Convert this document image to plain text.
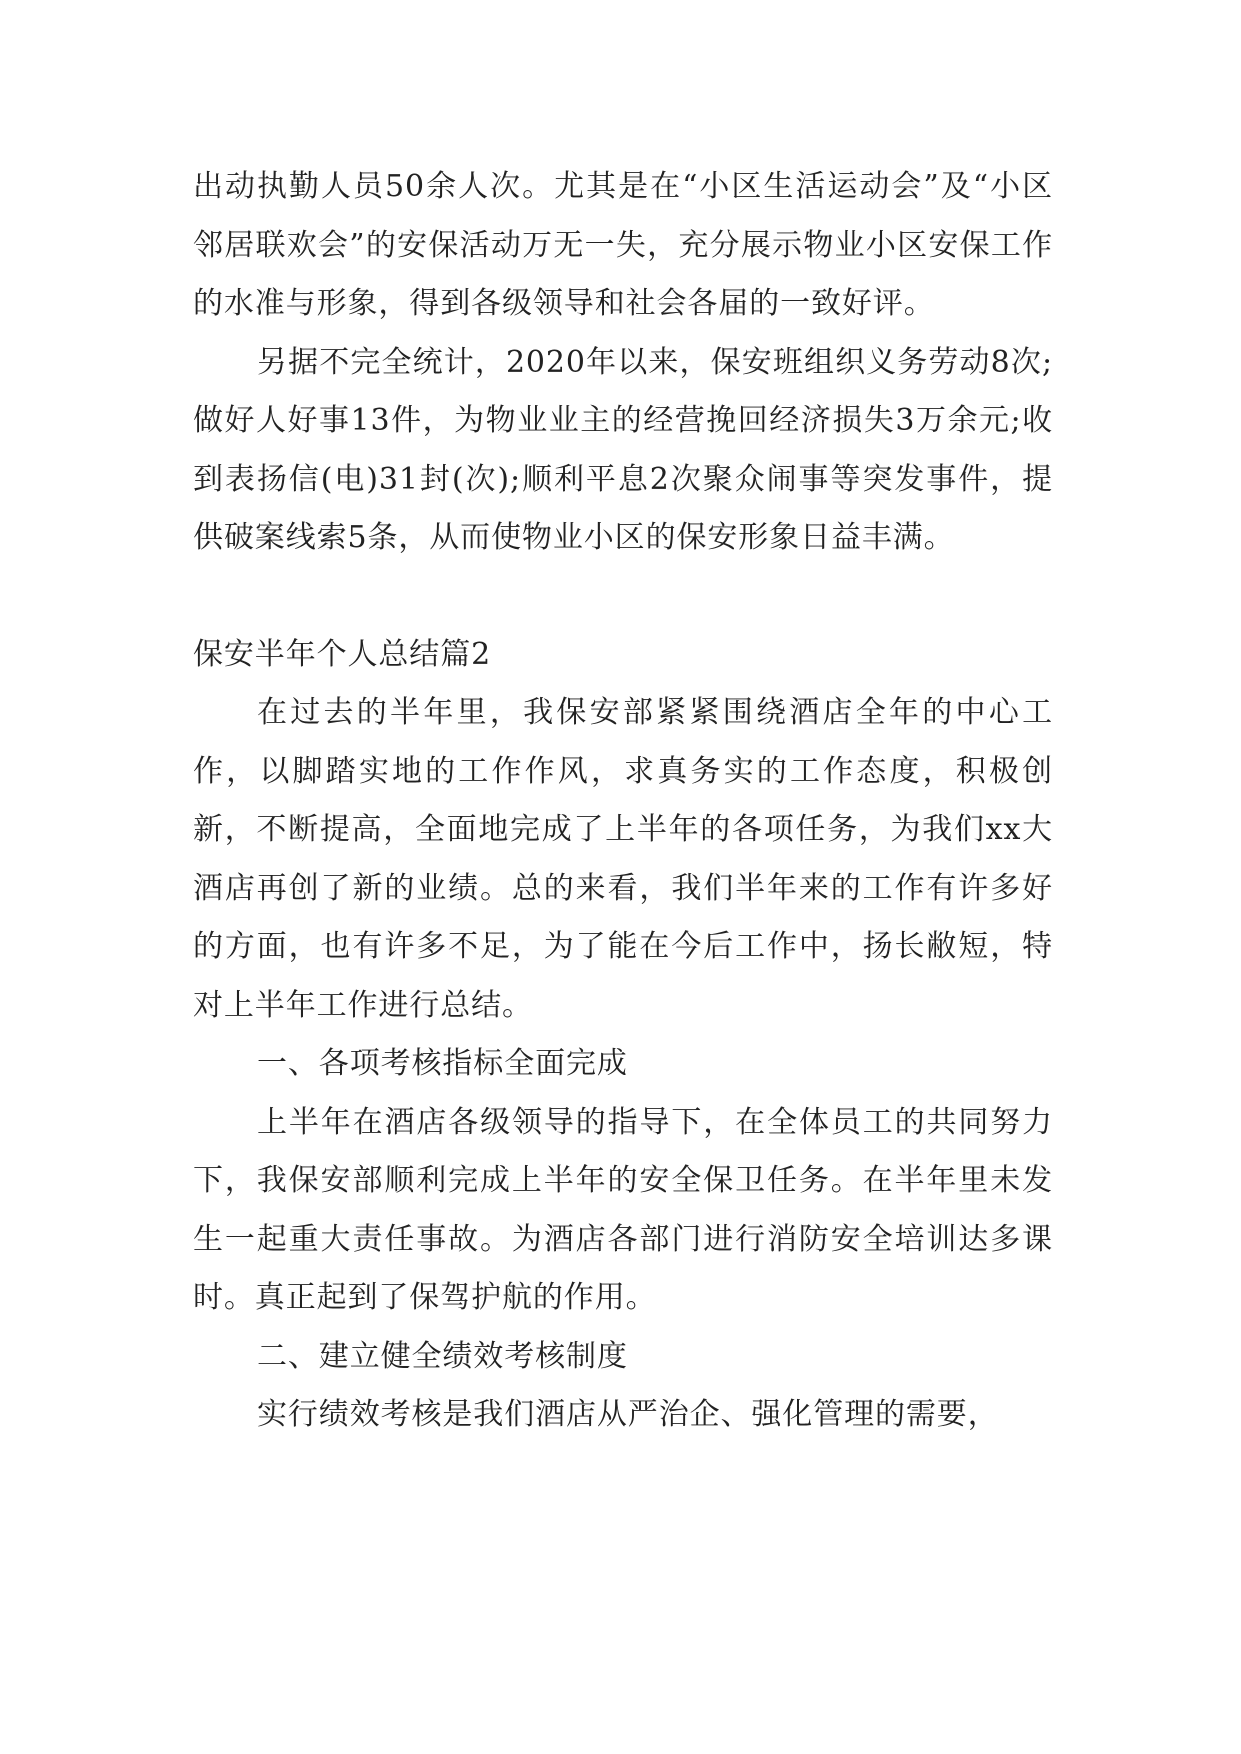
出动执勤人员50余人次。尤其是在“小区生活运动会”及“小区邻居联欢会”的安保活动万无一失，充分展示物业小区安保工作的水准与形象，得到各级领导和社会各届的一致好评。

另据不完全统计，2020年以来，保安班组织义务劳动8次;做好人好事13件，为物业业主的经营挽回经济损失3万余元;收到表扬信(电)31封(次);顺利平息2次聚众闹事等突发事件，提供破案线索5条，从而使物业小区的保安形象日益丰满。

保安半年个人总结篇2

在过去的半年里，我保安部紧紧围绕酒店全年的中心工作，以脚踏实地的工作作风，求真务实的工作态度，积极创新，不断提高，全面地完成了上半年的各项任务，为我们xx大酒店再创了新的业绩。总的来看，我们半年来的工作有许多好的方面，也有许多不足，为了能在今后工作中，扬长敝短，特对上半年工作进行总结。

一、各项考核指标全面完成

上半年在酒店各级领导的指导下，在全体员工的共同努力下，我保安部顺利完成上半年的安全保卫任务。在半年里未发生一起重大责任事故。为酒店各部门进行消防安全培训达多课时。真正起到了保驾护航的作用。

二、建立健全绩效考核制度

实行绩效考核是我们酒店从严治企、强化管理的需要，
